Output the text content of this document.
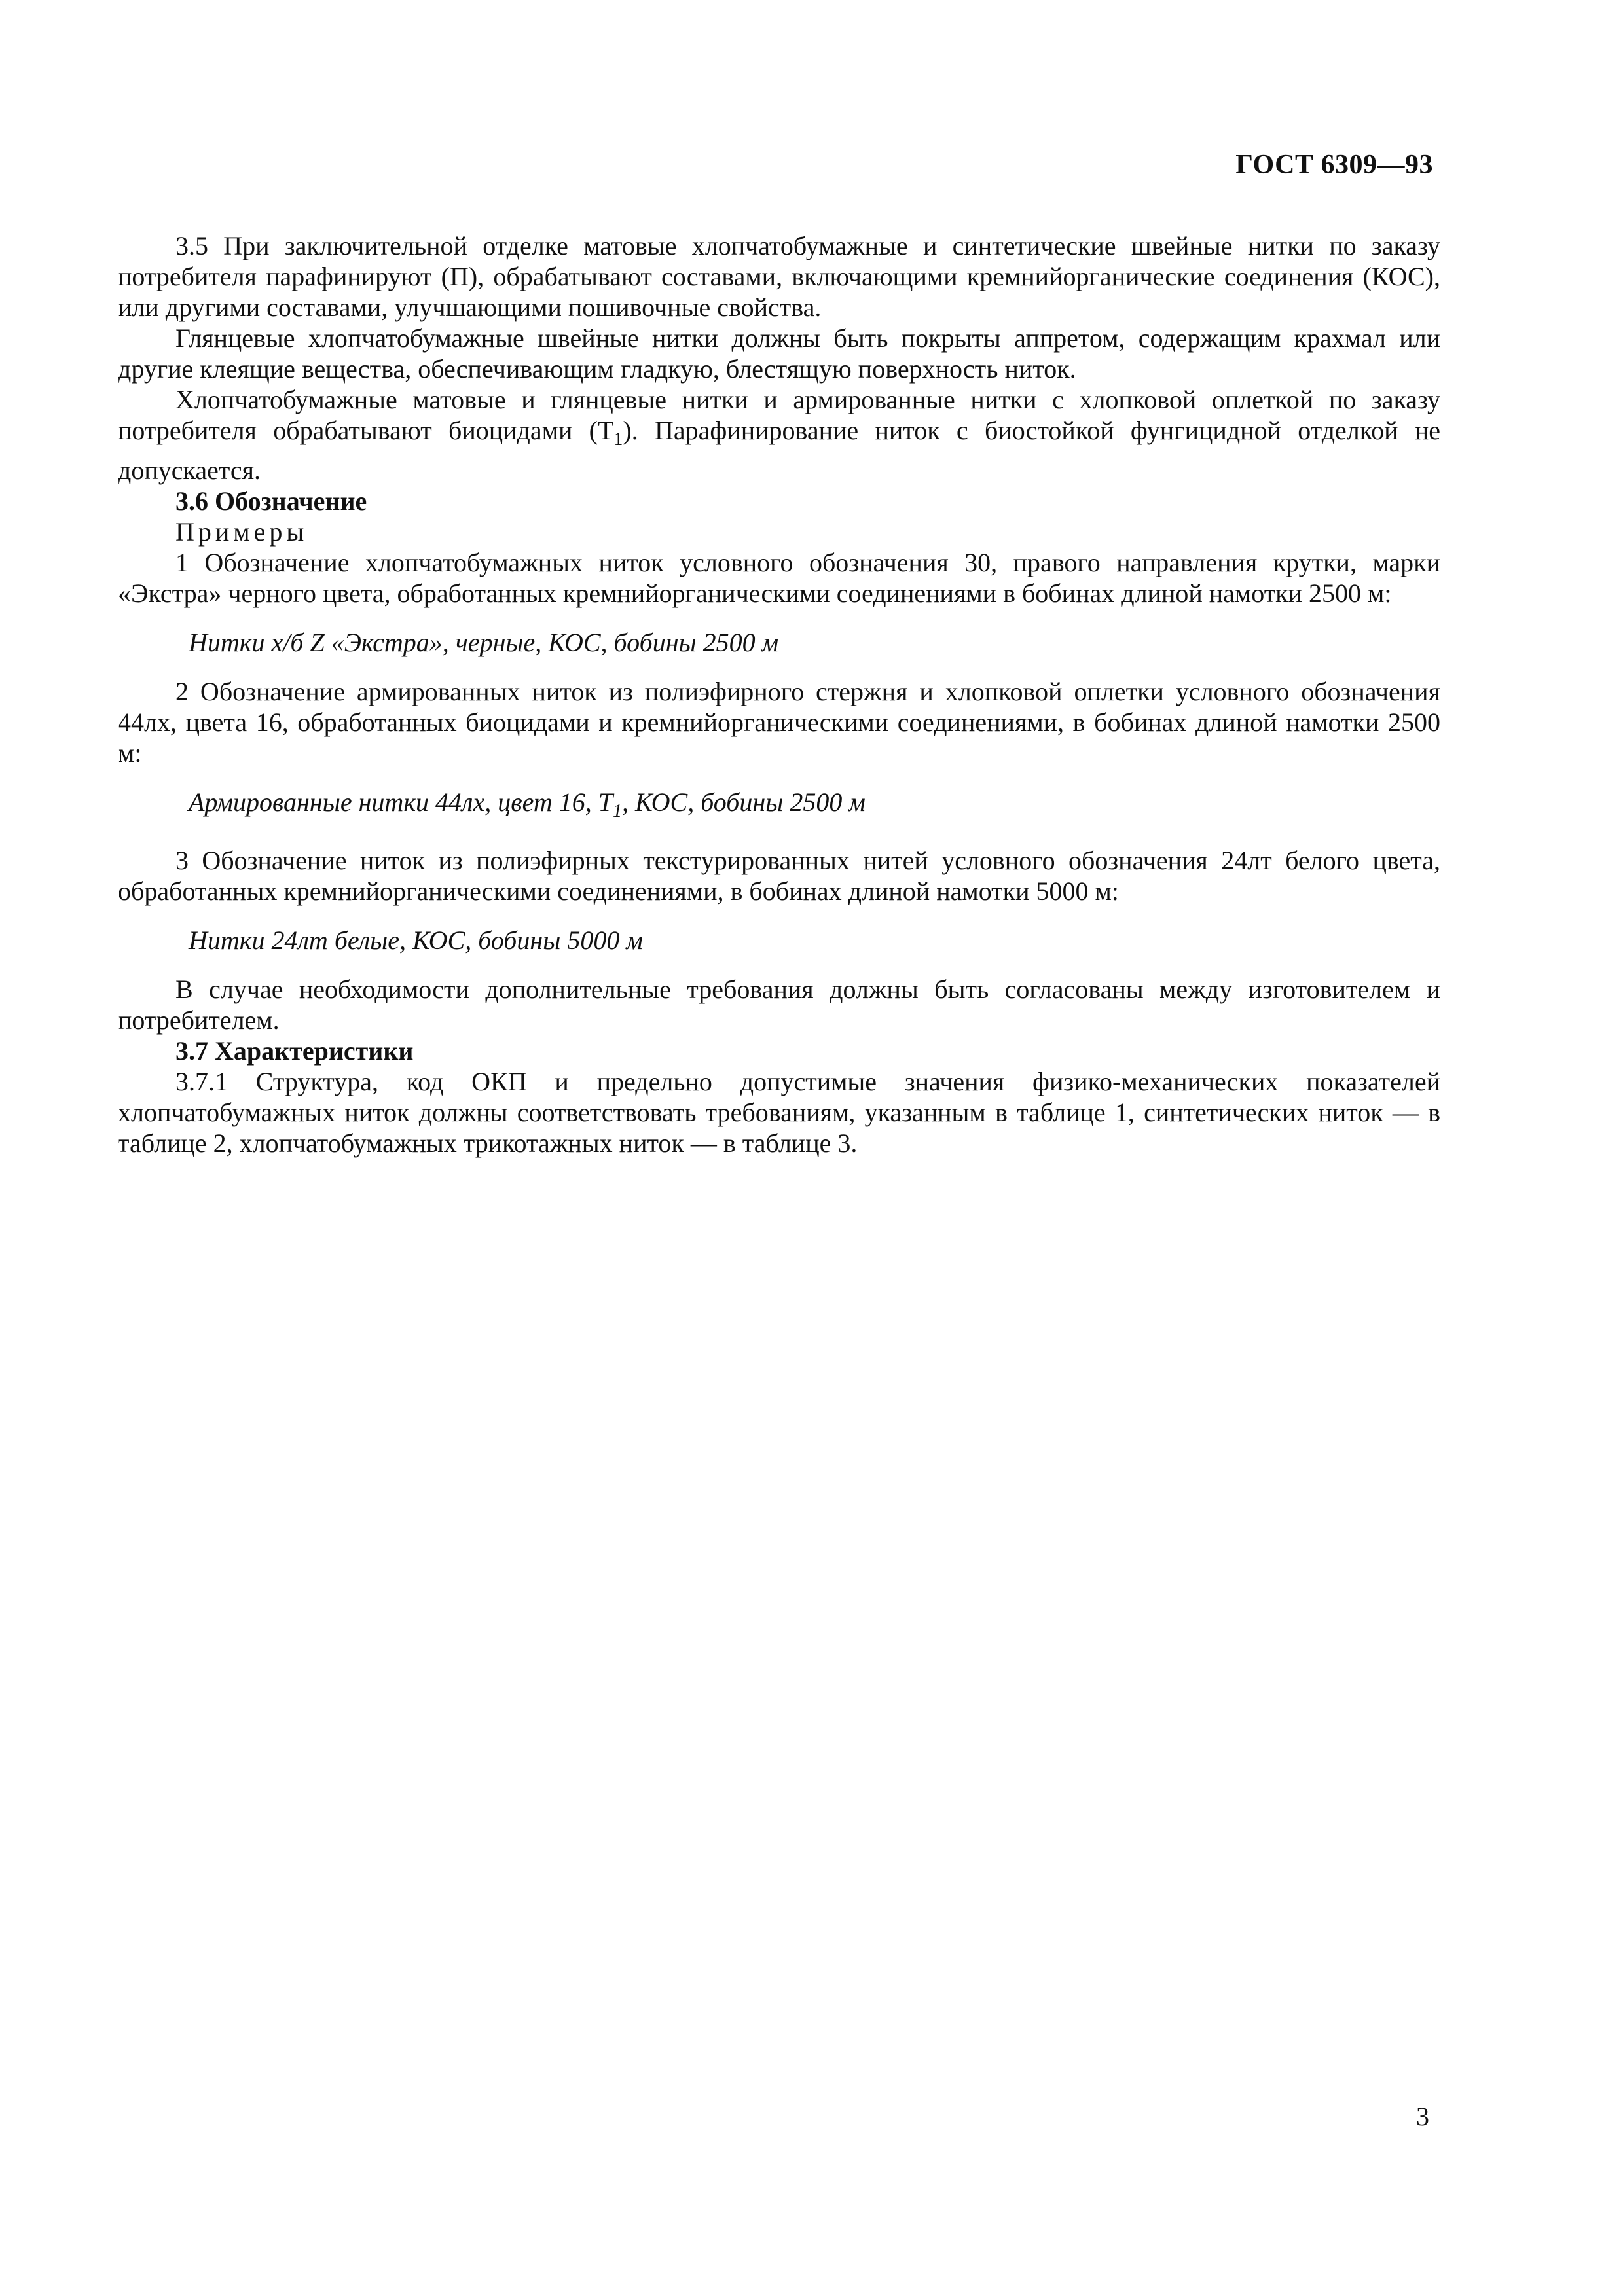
ГОСТ 6309—93

3.5 При заключительной отделке матовые хлопчатобумажные и синтетические швейные нитки по заказу потребителя парафинируют (П), обрабатывают составами, включающими кремнийорганические соединения (КОС), или другими составами, улучшающими пошивочные свойства.

Глянцевые хлопчатобумажные швейные нитки должны быть покрыты аппретом, содержащим крахмал или другие клеящие вещества, обеспечивающим гладкую, блестящую поверхность ниток.

Хлопчатобумажные матовые и глянцевые нитки и армированные нитки с хлопковой оплеткой по заказу потребителя обрабатывают биоцидами $(Т_1)$. Парафинирование ниток с биостойкой фунгицидной отделкой не допускается.

3.6 Обозначение

Примеры

1 Обозначение хлопчатобумажных ниток условного обозначения 30, правого направления крутки, марки «Экстра» черного цвета, обработанных кремнийорганическими соединениями в бобинах длиной намотки 2500 м:

Нитки х/б Z «Экстра», черные, КОС, бобины 2500 м

2 Обозначение армированных ниток из полиэфирного стержня и хлопковой оплетки условного обозначения 44лх, цвета 16, обработанных биоцидами и кремнийорганическими соединениями, в бобинах длиной намотки 2500 м:

Армированные нитки 44лх, цвет 16, $Т_1$, КОС, бобины 2500 м

3 Обозначение ниток из полиэфирных текстурированных нитей условного обозначения 24лт белого цвета, обработанных кремнийорганическими соединениями, в бобинах длиной намотки 5000 м:

Нитки 24лт белые, КОС, бобины 5000 м

В случае необходимости дополнительные требования должны быть согласованы между изготовителем и потребителем.

3.7 Характеристики

3.7.1 Структура, код ОКП и предельно допустимые значения физико-механических показателей хлопчатобумажных ниток должны соответствовать требованиям, указанным в таблице 1, синтетических ниток — в таблице 2, хлопчатобумажных трикотажных ниток — в таблице 3.

3
